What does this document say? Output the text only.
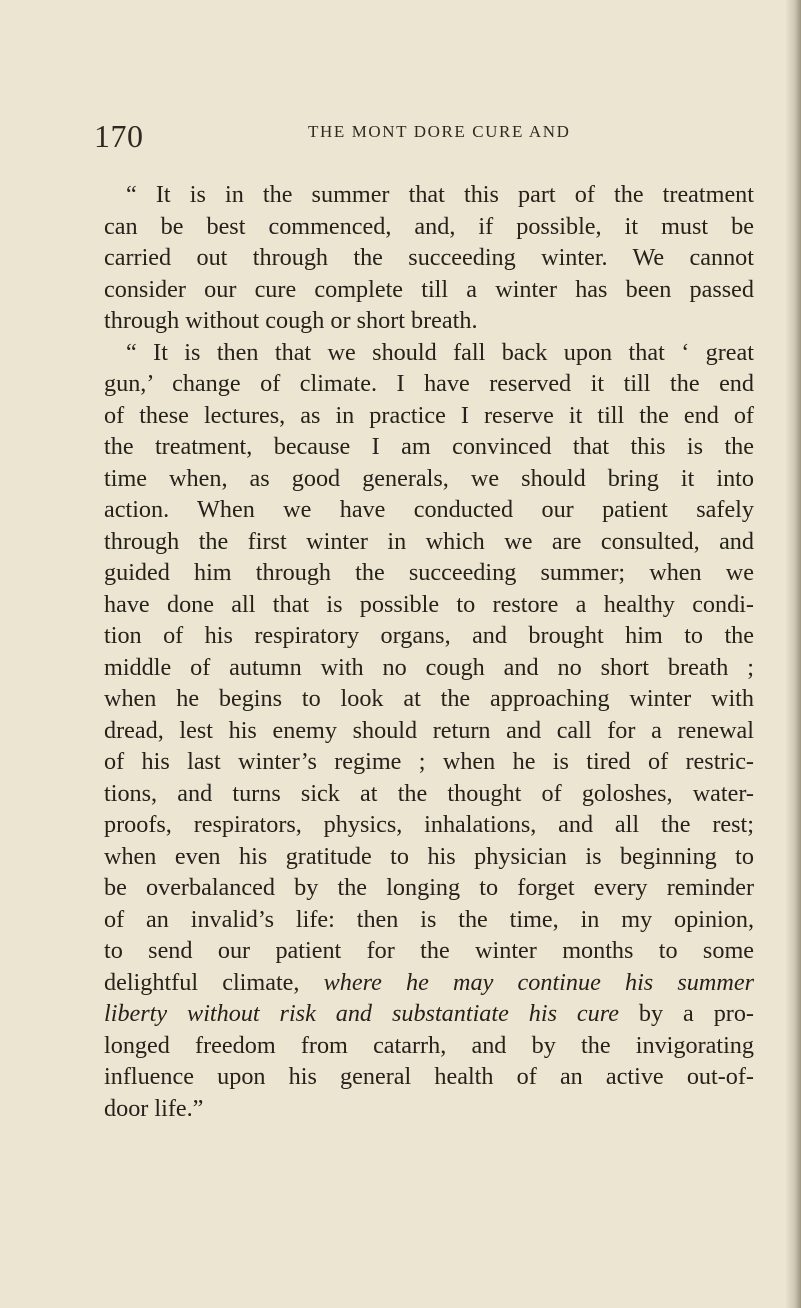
170	THE MONT DORE CURE AND
“ It is in the summer that this part of the treatment
can be best commenced, and, if possible, it must be
carried out through the succeeding winter. We cannot
consider our cure complete till a winter has been passed
through without cough or short breath.
“ It is then that we should fall back upon that ‘ great
gun,’ change of climate. I have reserved it till the end
of these lectures, as in practice I reserve it till the end of
the treatment, because I am convinced that this is the
time when, as good generals, we should bring it into
action. When we have conducted our patient safely
through the first winter in which we are consulted, and
guided him through the succeeding summer; when we
have done all that is possible to restore a healthy condi-
tion of his respiratory organs, and brought him to the
middle of autumn with no cough and no short breath ;
when he begins to look at the approaching winter with
dread, lest his enemy should return and call for a renewal
of his last winter’s regime ; when he is tired of restric-
tions, and turns sick at the thought of goloshes, water-
proofs, respirators, physics, inhalations, and all the rest;
when even his gratitude to his physician is beginning to
be overbalanced by the longing to forget every reminder
of an invalid’s life: then is the time, in my opinion,
to send our patient for the winter months to some
delightful climate, where he may continue his summer
liberty without risk and substantiate his cure by a pro-
longed freedom from catarrh, and by the invigorating
influence upon his general health of an active out-of-
door life.”
